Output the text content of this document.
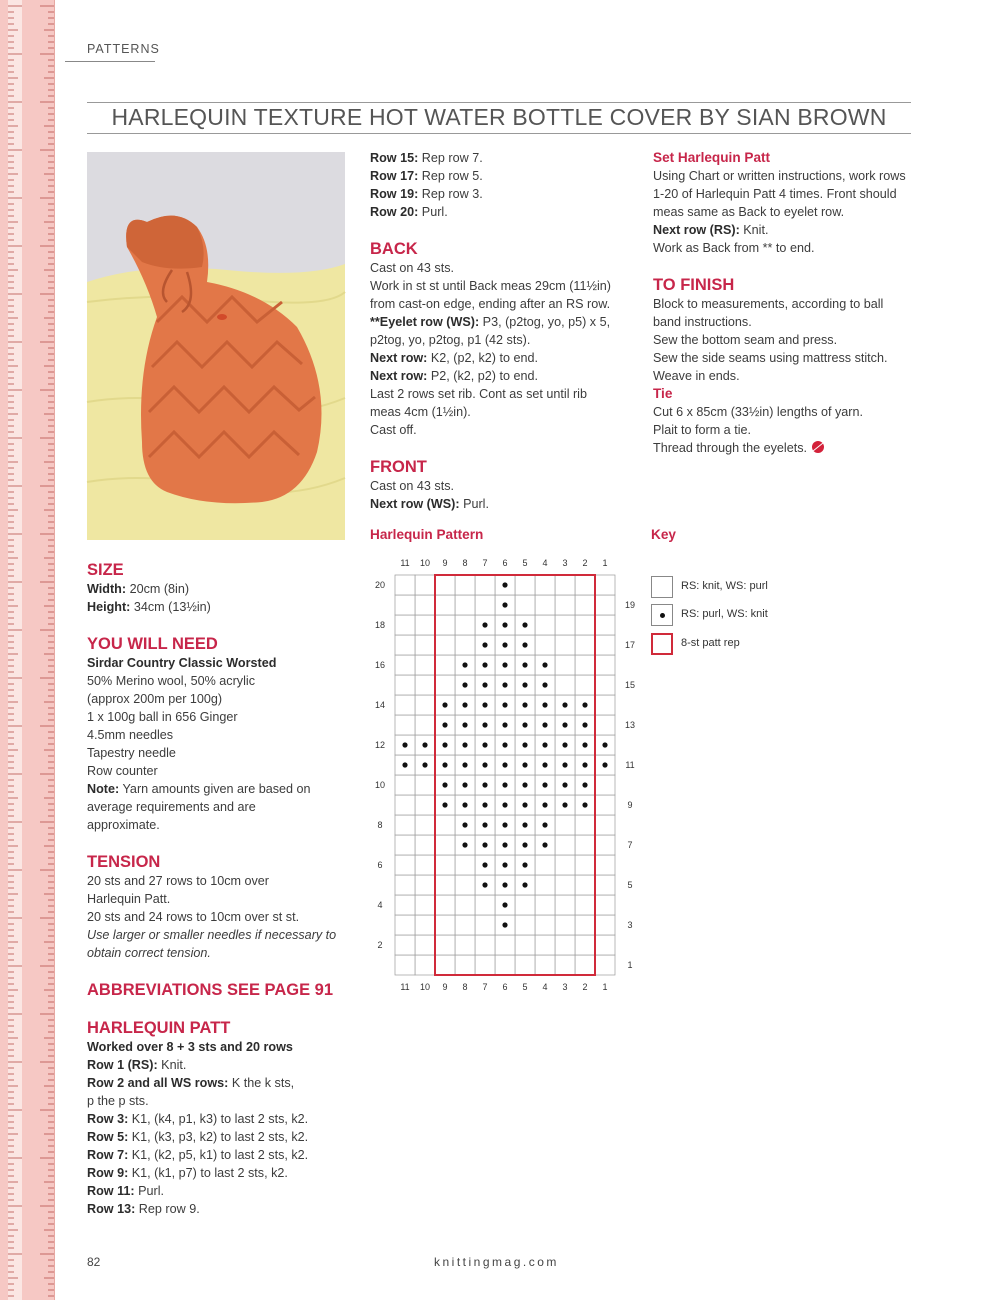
PATTERNS
HARLEQUIN TEXTURE HOT WATER BOTTLE COVER BY SIAN BROWN

SIZE

Width: 20cm (8in)

Height: 34cm (13½in)

YOU WILL NEED

Sirdar Country Classic Worsted

50% Merino wool, 50% acrylic

(approx 200m per 100g)

1 x 100g ball in 656 Ginger

4.5mm needles

Tapestry needle

Row counter

Note: Yarn amounts given are based on average requirements and are approximate.

TENSION

20 sts and 27 rows to 10cm over Harlequin Patt.

20 sts and 24 rows to 10cm over st st.

Use larger or smaller needles if necessary to obtain correct tension.

ABBREVIATIONS SEE PAGE 91

HARLEQUIN PATT

Worked over 8 + 3 sts and 20 rows

Row 1 (RS): Knit.

Row 2 and all WS rows: K the k sts, p the p sts.

Row 3: K1, (k4, p1, k3) to last 2 sts, k2.

Row 5: K1, (k3, p3, k2) to last 2 sts, k2.

Row 7: K1, (k2, p5, k1) to last 2 sts, k2.

Row 9: K1, (k1, p7) to last 2 sts, k2.

Row 11: Purl.

Row 13: Rep row 9.

Row 15: Rep row 7.

Row 17: Rep row 5.

Row 19: Rep row 3.

Row 20: Purl.

BACK

Cast on 43 sts.

Work in st st until Back meas 29cm (11½in) from cast-on edge, ending after an RS row.

**Eyelet row (WS): P3, (p2tog, yo, p5) x 5, p2tog, yo, p2tog, p1 (42 sts).

Next row: K2, (p2, k2) to end.

Next row: P2, (k2, p2) to end.

Last 2 rows set rib. Cont as set until rib meas 4cm (1½in).

Cast off.

FRONT

Cast on 43 sts.

Next row (WS): Purl.

Set Harlequin Patt

Using Chart or written instructions, work rows 1-20 of Harlequin Patt 4 times. Front should meas same as Back to eyelet row.

Next row (RS): Knit.

Work as Back from ** to end.

TO FINISH

Block to measurements, according to ball band instructions.

Sew the bottom seam and press.

Sew the side seams using mattress stitch.

Weave in ends.

Tie

Cut 6 x 85cm (33½in) lengths of yarn.

Plait to form a tie.

Thread through the eyelets.

Harlequin Pattern
11
11
10
10
9
9
8
8
7
7
6
6
5
5
4
4
3
3
2
2
1
1
2
4
6
8
10
12
14
16
18
20
1
3
5
7
9
11
13
15
17
19
Key
RS: knit, WS: purl
RS: purl, WS: knit
8-st patt rep
82	knittingmag.com
